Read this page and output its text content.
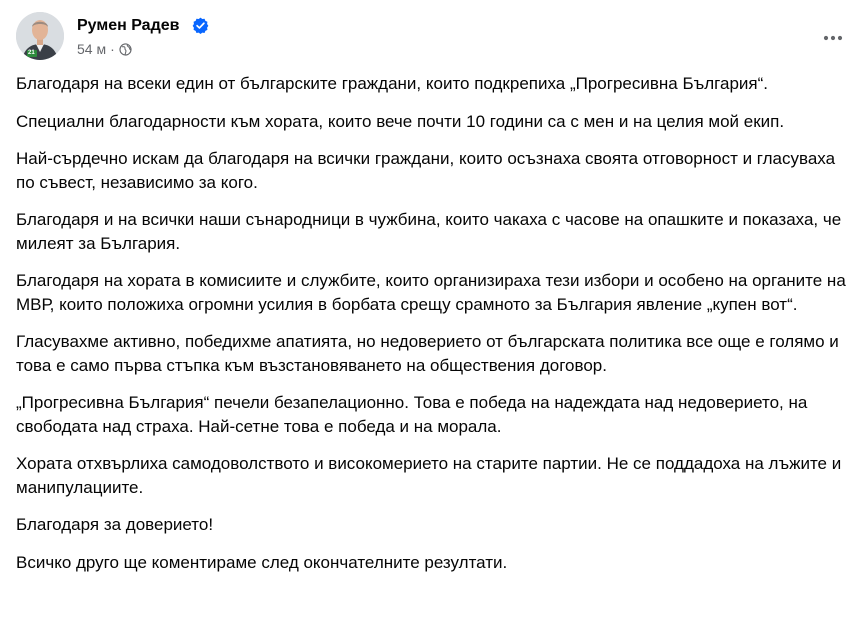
21
Румен Радев
54 м ·

Благодаря на всеки един от българските граждани, които подкрепиха „Прогресивна България“.

Специални благодарности към хората, които вече почти 10 години са с мен и на целия мой екип.

Най-сърдечно искам да благодаря на всички граждани, които осъзнаха своята отговорност и гласуваха по съвест, независимо за кого.

Благодаря и на всички наши сънародници в чужбина, които чакаха с часове на опашките и показаха, че милеят за България.

Благодаря на хората в комисиите и службите, които организираха тези избори и особено на органите на МВР, които положиха огромни усилия в борбата срещу срамното за България явление „купен вот“.

Гласувахме активно, победихме апатията, но недоверието от българската политика все още е голямо и това е само първа стъпка към възстановяването на обществения договор.

„Прогресивна България“ печели безапелационно. Това е победа на надеждата над недоверието, на свободата над страха. Най-сетне това е победа и на морала.

Хората отхвърлиха самодоволството и високомерието на старите партии. Не се поддадоха на лъжите и манипулациите.

Благодаря за доверието!

Всичко друго ще коментираме след окончателните резултати.
